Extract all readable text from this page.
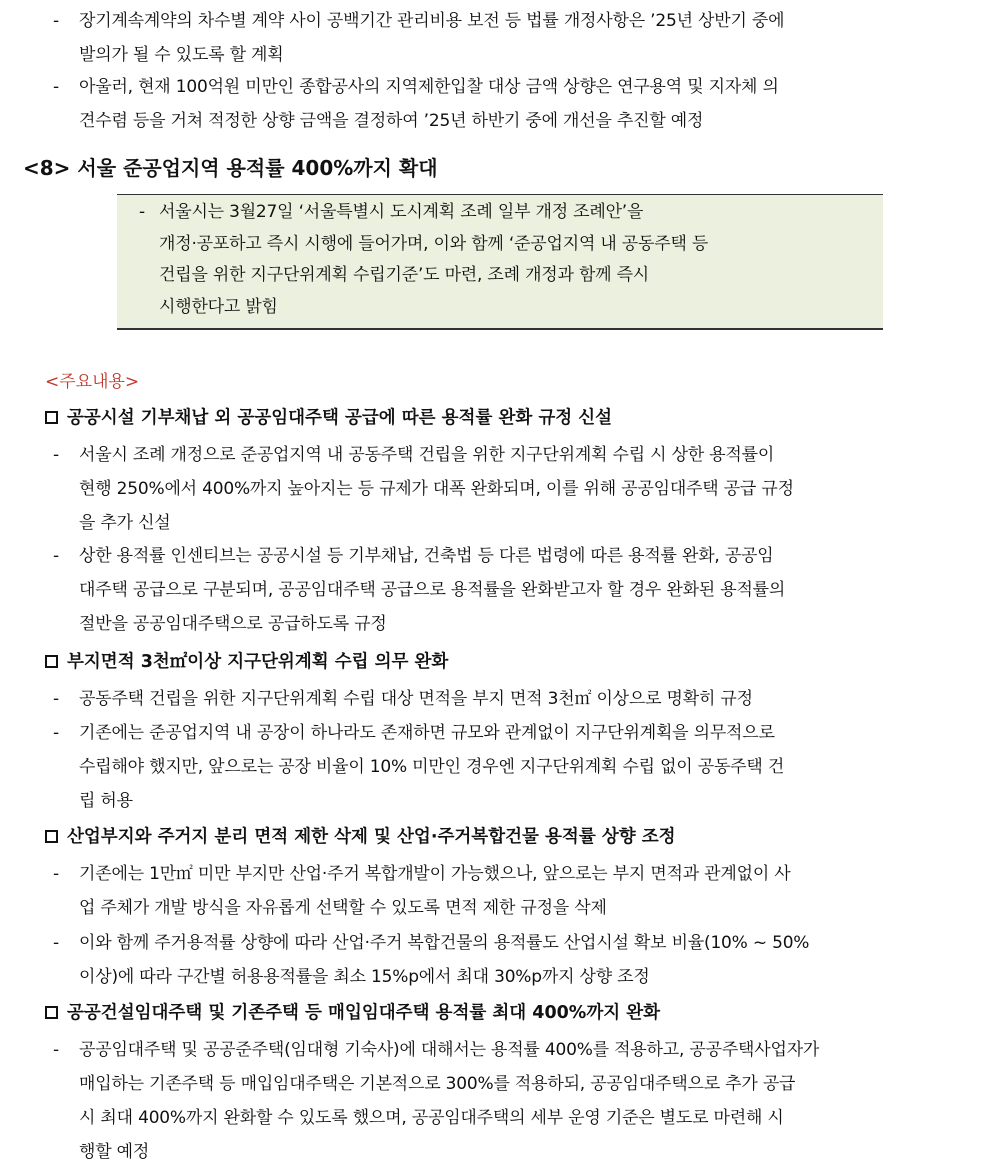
- 장기계속계약의 차수별 계약 사이 공백기간 관리비용 보전 등 법률 개정사항은 ’25년 상반기 중에
발의가 될 수 있도록 할 계획
- 아울러, 현재 100억원 미만인 종합공사의 지역제한입찰 대상 금액 상향은 연구용역 및 지자체 의
견수렴 등을 거쳐 적정한 상향 금액을 결정하여 ’25년 하반기 중에 개선을 추진할 예정
<8> 서울 준공업지역 용적률 400%까지 확대
- 서울시는 3월27일 ‘서울특별시 도시계획 조례 일부 개정 조례안’을
개정·공포하고 즉시 시행에 들어가며, 이와 함께 ‘준공업지역 내 공동주택 등
건립을 위한 지구단위계획 수립기준’도 마련, 조례 개정과 함께 즉시
시행한다고 밝힘
<주요내용>
공공시설 기부채납 외 공공임대주택 공급에 따른 용적률 완화 규정 신설
- 서울시 조례 개정으로 준공업지역 내 공동주택 건립을 위한 지구단위계획 수립 시 상한 용적률이
현행 250%에서 400%까지 높아지는 등 규제가 대폭 완화되며, 이를 위해 공공임대주택 공급 규정
을 추가 신설
- 상한 용적률 인센티브는 공공시설 등 기부채납, 건축법 등 다른 법령에 따른 용적률 완화, 공공임
대주택 공급으로 구분되며, 공공임대주택 공급으로 용적률을 완화받고자 할 경우 완화된 용적률의
절반을 공공임대주택으로 공급하도록 규정
부지면적 3천㎡이상 지구단위계획 수립 의무 완화
- 공동주택 건립을 위한 지구단위계획 수립 대상 면적을 부지 면적 3천㎡ 이상으로 명확히 규정
- 기존에는 준공업지역 내 공장이 하나라도 존재하면 규모와 관계없이 지구단위계획을 의무적으로
수립해야 했지만, 앞으로는 공장 비율이 10% 미만인 경우엔 지구단위계획 수립 없이 공동주택 건
립 허용
산업부지와 주거지 분리 면적 제한 삭제 및 산업·주거복합건물 용적률 상향 조정
- 기존에는 1만㎡ 미만 부지만 산업·주거 복합개발이 가능했으나, 앞으로는 부지 면적과 관계없이 사
업 주체가 개발 방식을 자유롭게 선택할 수 있도록 면적 제한 규정을 삭제
- 이와 함께 주거용적률 상향에 따라 산업·주거 복합건물의 용적률도 산업시설 확보 비율(10% ~ 50%
이상)에 따라 구간별 허용용적률을 최소 15%p에서 최대 30%p까지 상향 조정
공공건설임대주택 및 기존주택 등 매입임대주택 용적률 최대 400%까지 완화
- 공공임대주택 및 공공준주택(임대형 기숙사)에 대해서는 용적률 400%를 적용하고, 공공주택사업자가
매입하는 기존주택 등 매입임대주택은 기본적으로 300%를 적용하되, 공공임대주택으로 추가 공급
시 최대 400%까지 완화할 수 있도록 했으며, 공공임대주택의 세부 운영 기준은 별도로 마련해 시
행할 예정
